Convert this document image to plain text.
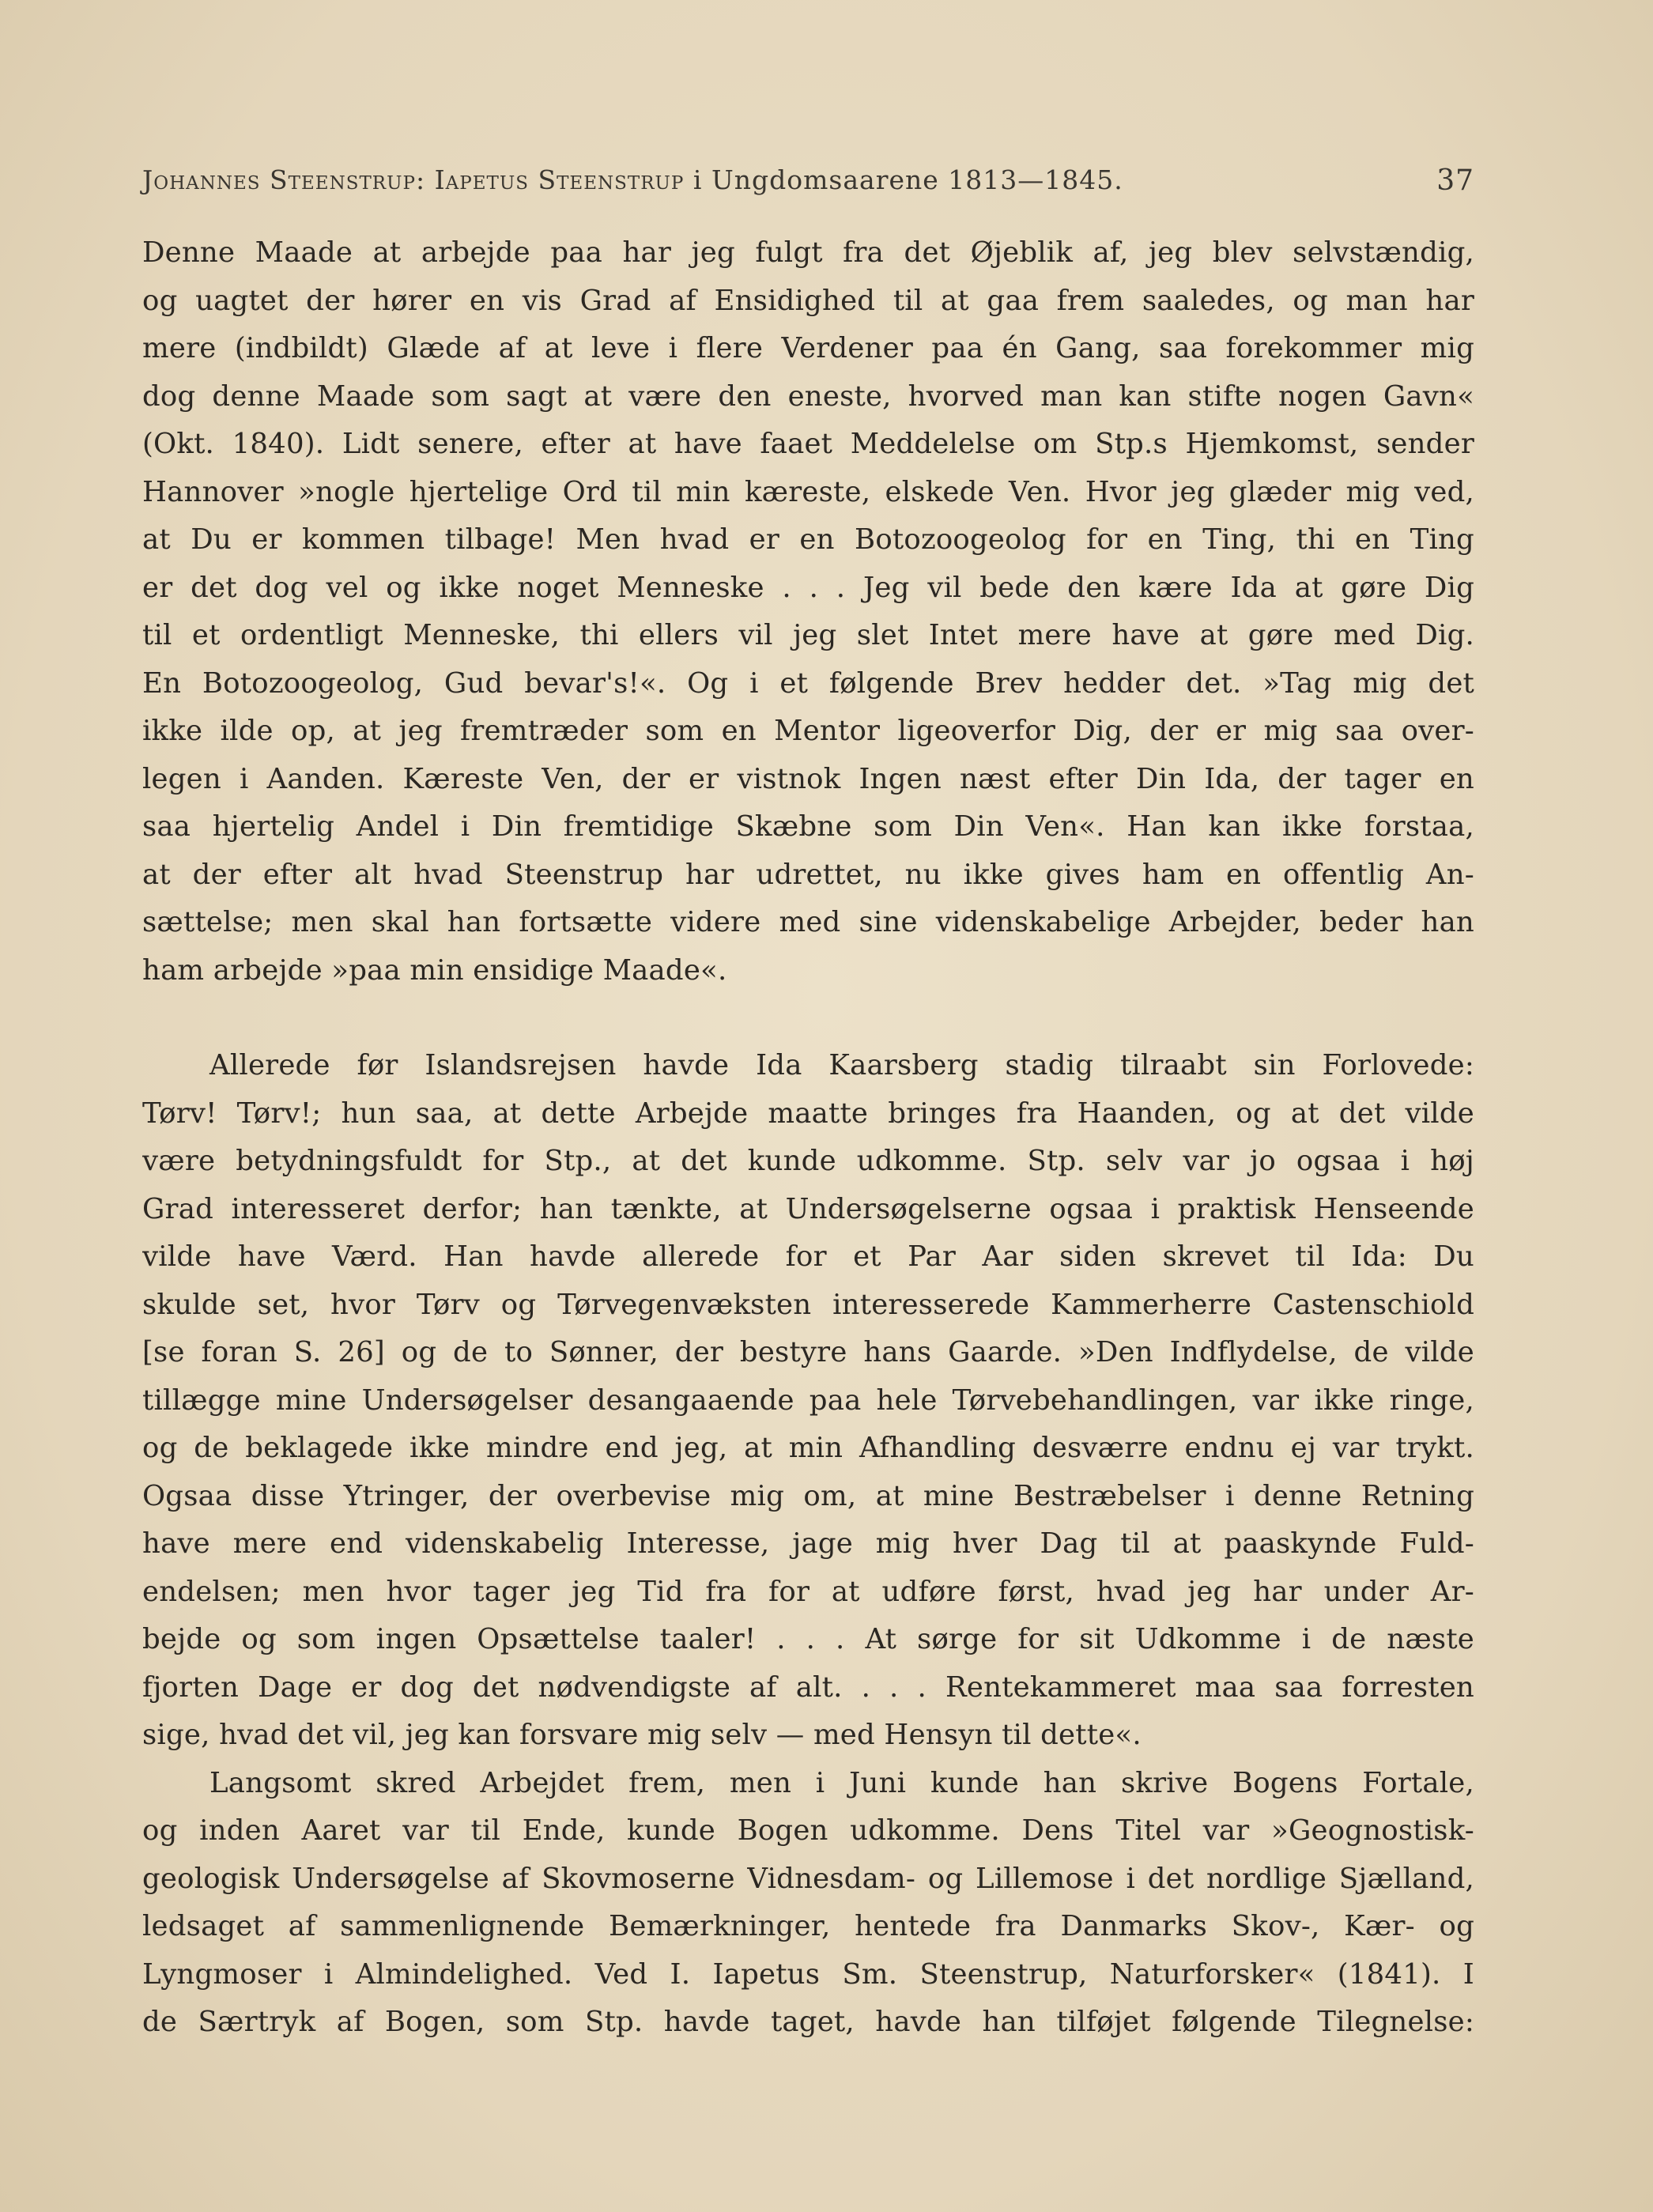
Johannes Steenstrup: Iapetus Steenstrup i Ungdomsaarene 1813—1845.	37
Denne Maade at arbejde paa har jeg fulgt fra det Øjeblik af, jeg blev selvstændig,
og uagtet der hører en vis Grad af Ensidighed til at gaa frem saaledes, og man har
mere (indbildt) Glæde af at leve i flere Verdener paa én Gang, saa forekommer mig
dog denne Maade som sagt at være den eneste, hvorved man kan stifte nogen Gavn«
(Okt. 1840). Lidt senere, efter at have faaet Meddelelse om Stp.s Hjemkomst, sender
Hannover »nogle hjertelige Ord til min kæreste, elskede Ven. Hvor jeg glæder mig ved,
at Du er kommen tilbage! Men hvad er en Botozoogeolog for en Ting, thi en Ting
er det dog vel og ikke noget Menneske . . . Jeg vil bede den kære Ida at gøre Dig
til et ordentligt Menneske, thi ellers vil jeg slet Intet mere have at gøre med Dig.
En Botozoogeolog, Gud bevar's!«. Og i et følgende Brev hedder det. »Tag mig det
ikke ilde op, at jeg fremtræder som en Mentor ligeoverfor Dig, der er mig saa over-
legen i Aanden. Kæreste Ven, der er vistnok Ingen næst efter Din Ida, der tager en
saa hjertelig Andel i Din fremtidige Skæbne som Din Ven«. Han kan ikke forstaa,
at der efter alt hvad Steenstrup har udrettet, nu ikke gives ham en offentlig An-
sættelse; men skal han fortsætte videre med sine videnskabelige Arbejder, beder han
ham arbejde »paa min ensidige Maade«.
Allerede før Islandsrejsen havde Ida Kaarsberg stadig tilraabt sin Forlovede:
Tørv! Tørv!; hun saa, at dette Arbejde maatte bringes fra Haanden, og at det vilde
være betydningsfuldt for Stp., at det kunde udkomme. Stp. selv var jo ogsaa i høj
Grad interesseret derfor; han tænkte, at Undersøgelserne ogsaa i praktisk Henseende
vilde have Værd. Han havde allerede for et Par Aar siden skrevet til Ida: Du
skulde set, hvor Tørv og Tørvegenvæksten interesserede Kammerherre Castenschiold
[se foran S. 26] og de to Sønner, der bestyre hans Gaarde. »Den Indflydelse, de vilde
tillægge mine Undersøgelser desangaaende paa hele Tørvebehandlingen, var ikke ringe,
og de beklagede ikke mindre end jeg, at min Afhandling desværre endnu ej var trykt.
Ogsaa disse Ytringer, der overbevise mig om, at mine Bestræbelser i denne Retning
have mere end videnskabelig Interesse, jage mig hver Dag til at paaskynde Fuld-
endelsen; men hvor tager jeg Tid fra for at udføre først, hvad jeg har under Ar-
bejde og som ingen Opsættelse taaler! . . . At sørge for sit Udkomme i de næste
fjorten Dage er dog det nødvendigste af alt. . . . Rentekammeret maa saa forresten
sige, hvad det vil, jeg kan forsvare mig selv — med Hensyn til dette«.
Langsomt skred Arbejdet frem, men i Juni kunde han skrive Bogens Fortale,
og inden Aaret var til Ende, kunde Bogen udkomme. Dens Titel var »Geognostisk-
geologisk Undersøgelse af Skovmoserne Vidnesdam- og Lillemose i det nordlige Sjælland,
ledsaget af sammenlignende Bemærkninger, hentede fra Danmarks Skov-, Kær- og
Lyngmoser i Almindelighed. Ved I. Iapetus Sm. Steenstrup, Naturforsker« (1841). I
de Særtryk af Bogen, som Stp. havde taget, havde han tilføjet følgende Tilegnelse:
